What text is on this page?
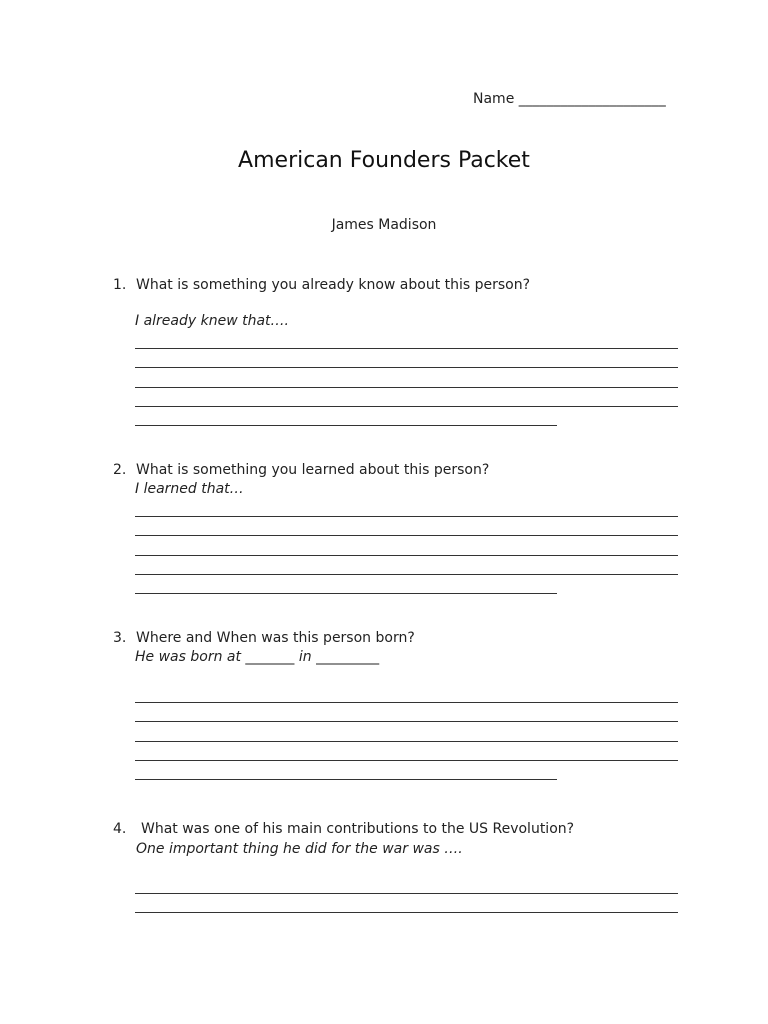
Name _____________________
American Founders Packet
James Madison
1. What is something you already know about this person?
I already knew that….
2. What is something you learned about this person?
I learned that…
3. Where and When was this person born?
He was born at _______ in _________
4. What was one of his main contributions to the US Revolution?
One important thing he did for the war was ….
